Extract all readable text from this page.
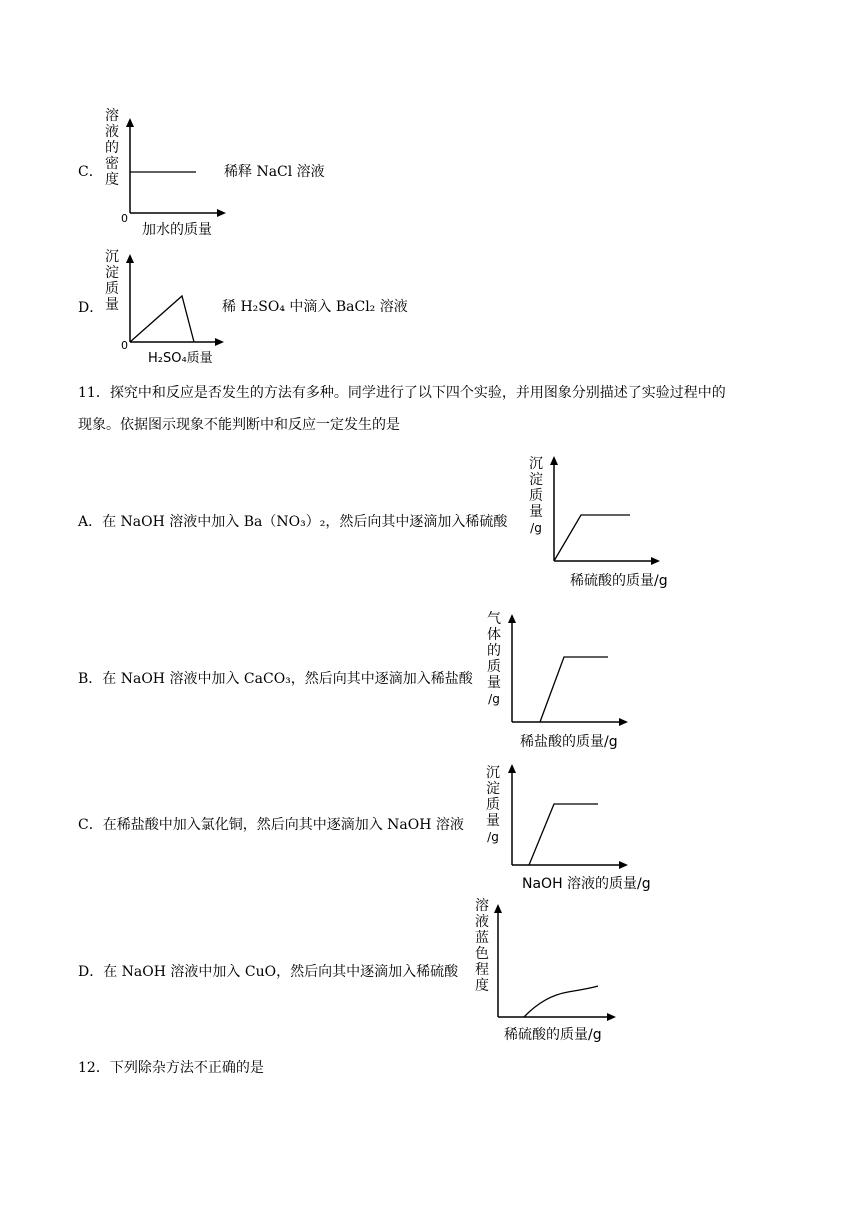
C．
溶
液
的
密
度
0
加水的质量
稀释 NaCl 溶液
D．
沉
淀
质
量
0
H₂SO₄质量
稀 H₂SO₄ 中滴入 BaCl₂ 溶液
11．探究中和反应是否发生的方法有多种。同学进行了以下四个实验，并用图象分别描述了实验过程中的
现象。依据图示现象不能判断中和反应一定发生的是
A．在 NaOH 溶液中加入 Ba（NO₃）₂，然后向其中逐滴加入稀硫酸
沉
淀
质
量
/g
稀硫酸的质量/g
B．在 NaOH 溶液中加入 CaCO₃，然后向其中逐滴加入稀盐酸
气
体
的
质
量
/g
稀盐酸的质量/g
C．在稀盐酸中加入氯化铜，然后向其中逐滴加入 NaOH 溶液
沉
淀
质
量
/g
NaOH 溶液的质量/g
D．在 NaOH 溶液中加入 CuO，然后向其中逐滴加入稀硫酸
溶
液
蓝
色
程
度
稀硫酸的质量/g
12．下列除杂方法不正确的是
